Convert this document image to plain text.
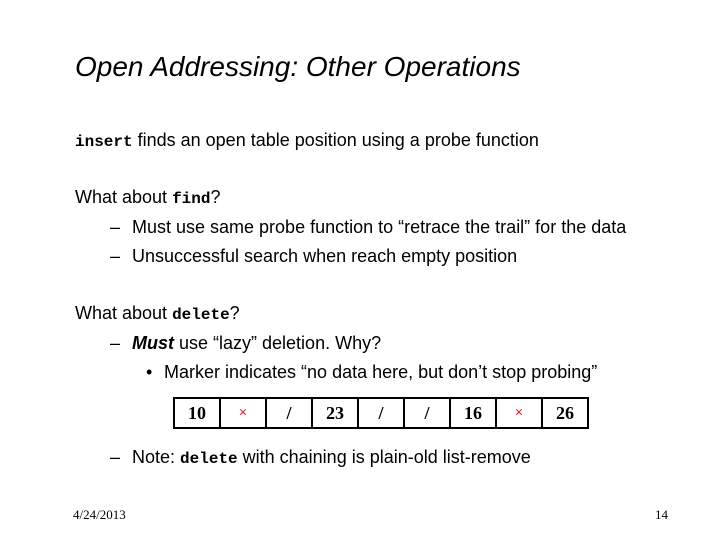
Open Addressing: Other Operations
insert finds an open table position using a probe function
What about find?
– Must use same probe function to “retrace the trail” for the data
– Unsuccessful search when reach empty position
What about delete?
– Must use “lazy” deletion. Why?
• Marker indicates “no data here, but don’t stop probing”
10	×	/	23	/	/	16	×	26
– Note: delete with chaining is plain-old list-remove
4/24/2013	14
